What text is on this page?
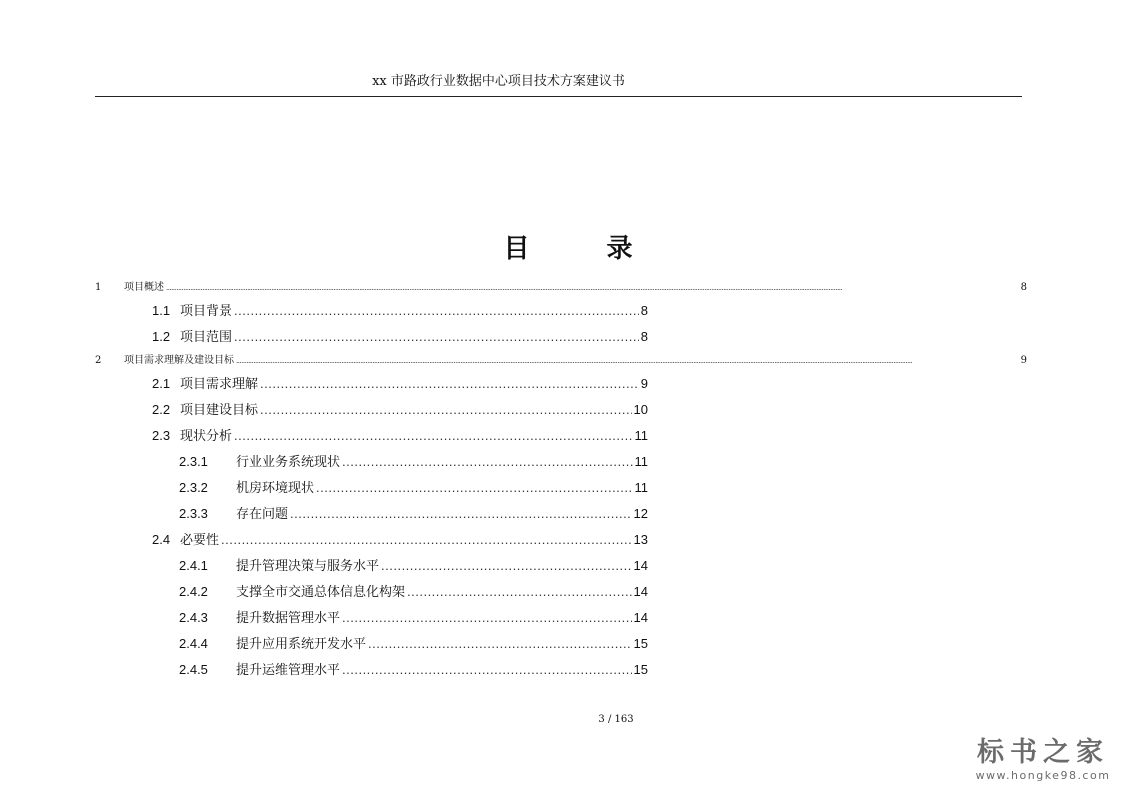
xx 市路政行业数据中心项目技术方案建议书
目 录
1	项目概述 .....	8
1.1 项目背景 .....	8
1.2 项目范围 .....	8
2	项目需求理解及建设目标 .....	9
2.1 项目需求理解 .....	9
2.2 项目建设目标 .....	10
2.3 现状分析 .....	11
2.3.1	行业业务系统现状 .....	11
2.3.2	机房环境现状 .....	11
2.3.3	存在问题 .....	12
2.4 必要性 .....	13
2.4.1	提升管理决策与服务水平 .....	14
2.4.2	支撑全市交通总体信息化构架 .....	14
2.4.3	提升数据管理水平 .....	14
2.4.4	提升应用系统开发水平 .....	15
2.4.5	提升运维管理水平 .....	15
3 / 163
标书之家
www.hongke98.com
